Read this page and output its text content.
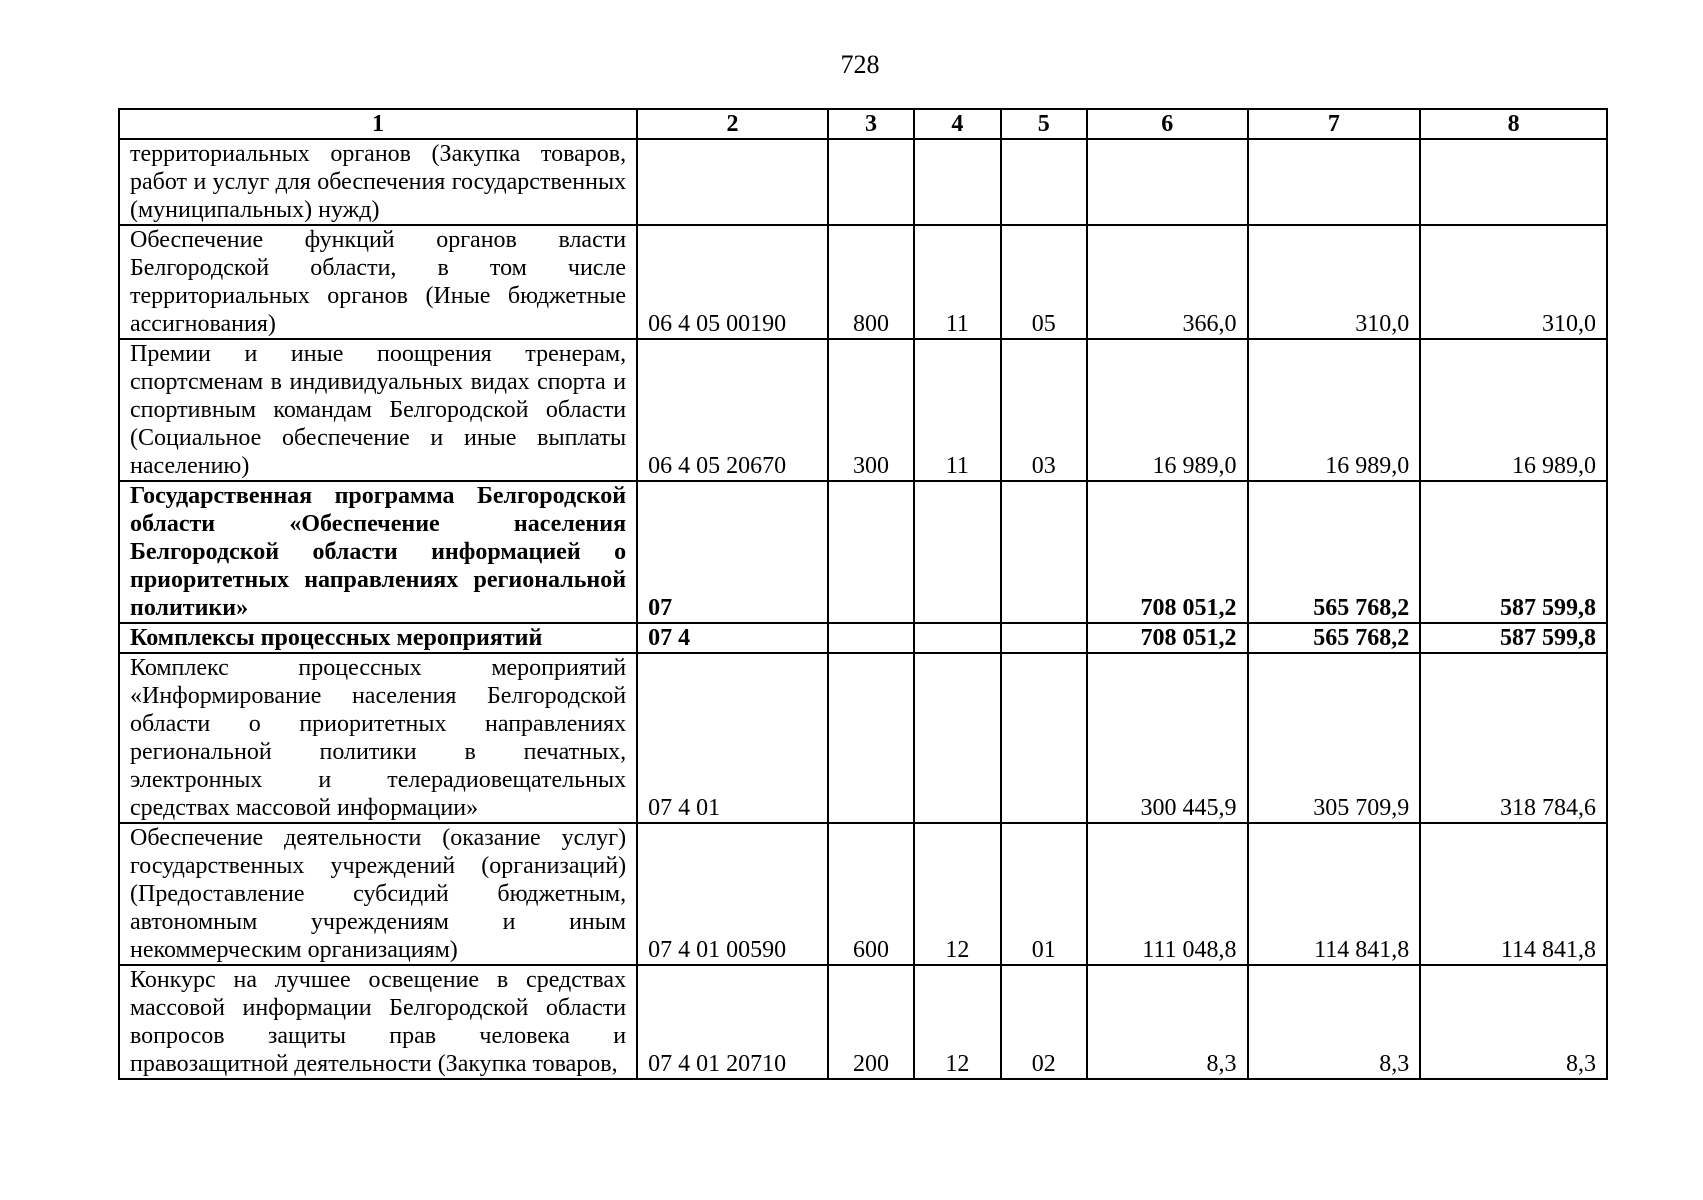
728
1	2	3	4	5	6	7	8
территориальных органов (Закупка товаров, работ и услуг для обеспечения государственных (муниципальных) нужд)							
Обеспечение функций органов власти Белгородской области, в том числе территориальных органов (Иные бюджетные ассигнования)	06 4 05 00190	800	11	05	366,0	310,0	310,0
Премии и иные поощрения тренерам, спортсменам в индивидуальных видах спорта и спортивным командам Белгородской области (Социальное обеспечение и иные выплаты населению)	06 4 05 20670	300	11	03	16 989,0	16 989,0	16 989,0
Государственная программа Белгородской области «Обеспечение населения Белгородской области информацией о приоритетных направлениях региональной политики»	07				708 051,2	565 768,2	587 599,8
Комплексы процессных мероприятий	07 4				708 051,2	565 768,2	587 599,8
Комплекс процессных мероприятий «Информирование населения Белгородской области о приоритетных направлениях региональной политики в печатных, электронных и телерадиовещательных средствах массовой информации»	07 4 01				300 445,9	305 709,9	318 784,6
Обеспечение деятельности (оказание услуг) государственных учреждений (организаций) (Предоставление субсидий бюджетным, автономным учреждениям и иным некоммерческим организациям)	07 4 01 00590	600	12	01	111 048,8	114 841,8	114 841,8
Конкурс на лучшее освещение в средствах массовой информации Белгородской области вопросов защиты прав человека и правозащитной деятельности (Закупка товаров,	07 4 01 20710	200	12	02	8,3	8,3	8,3
